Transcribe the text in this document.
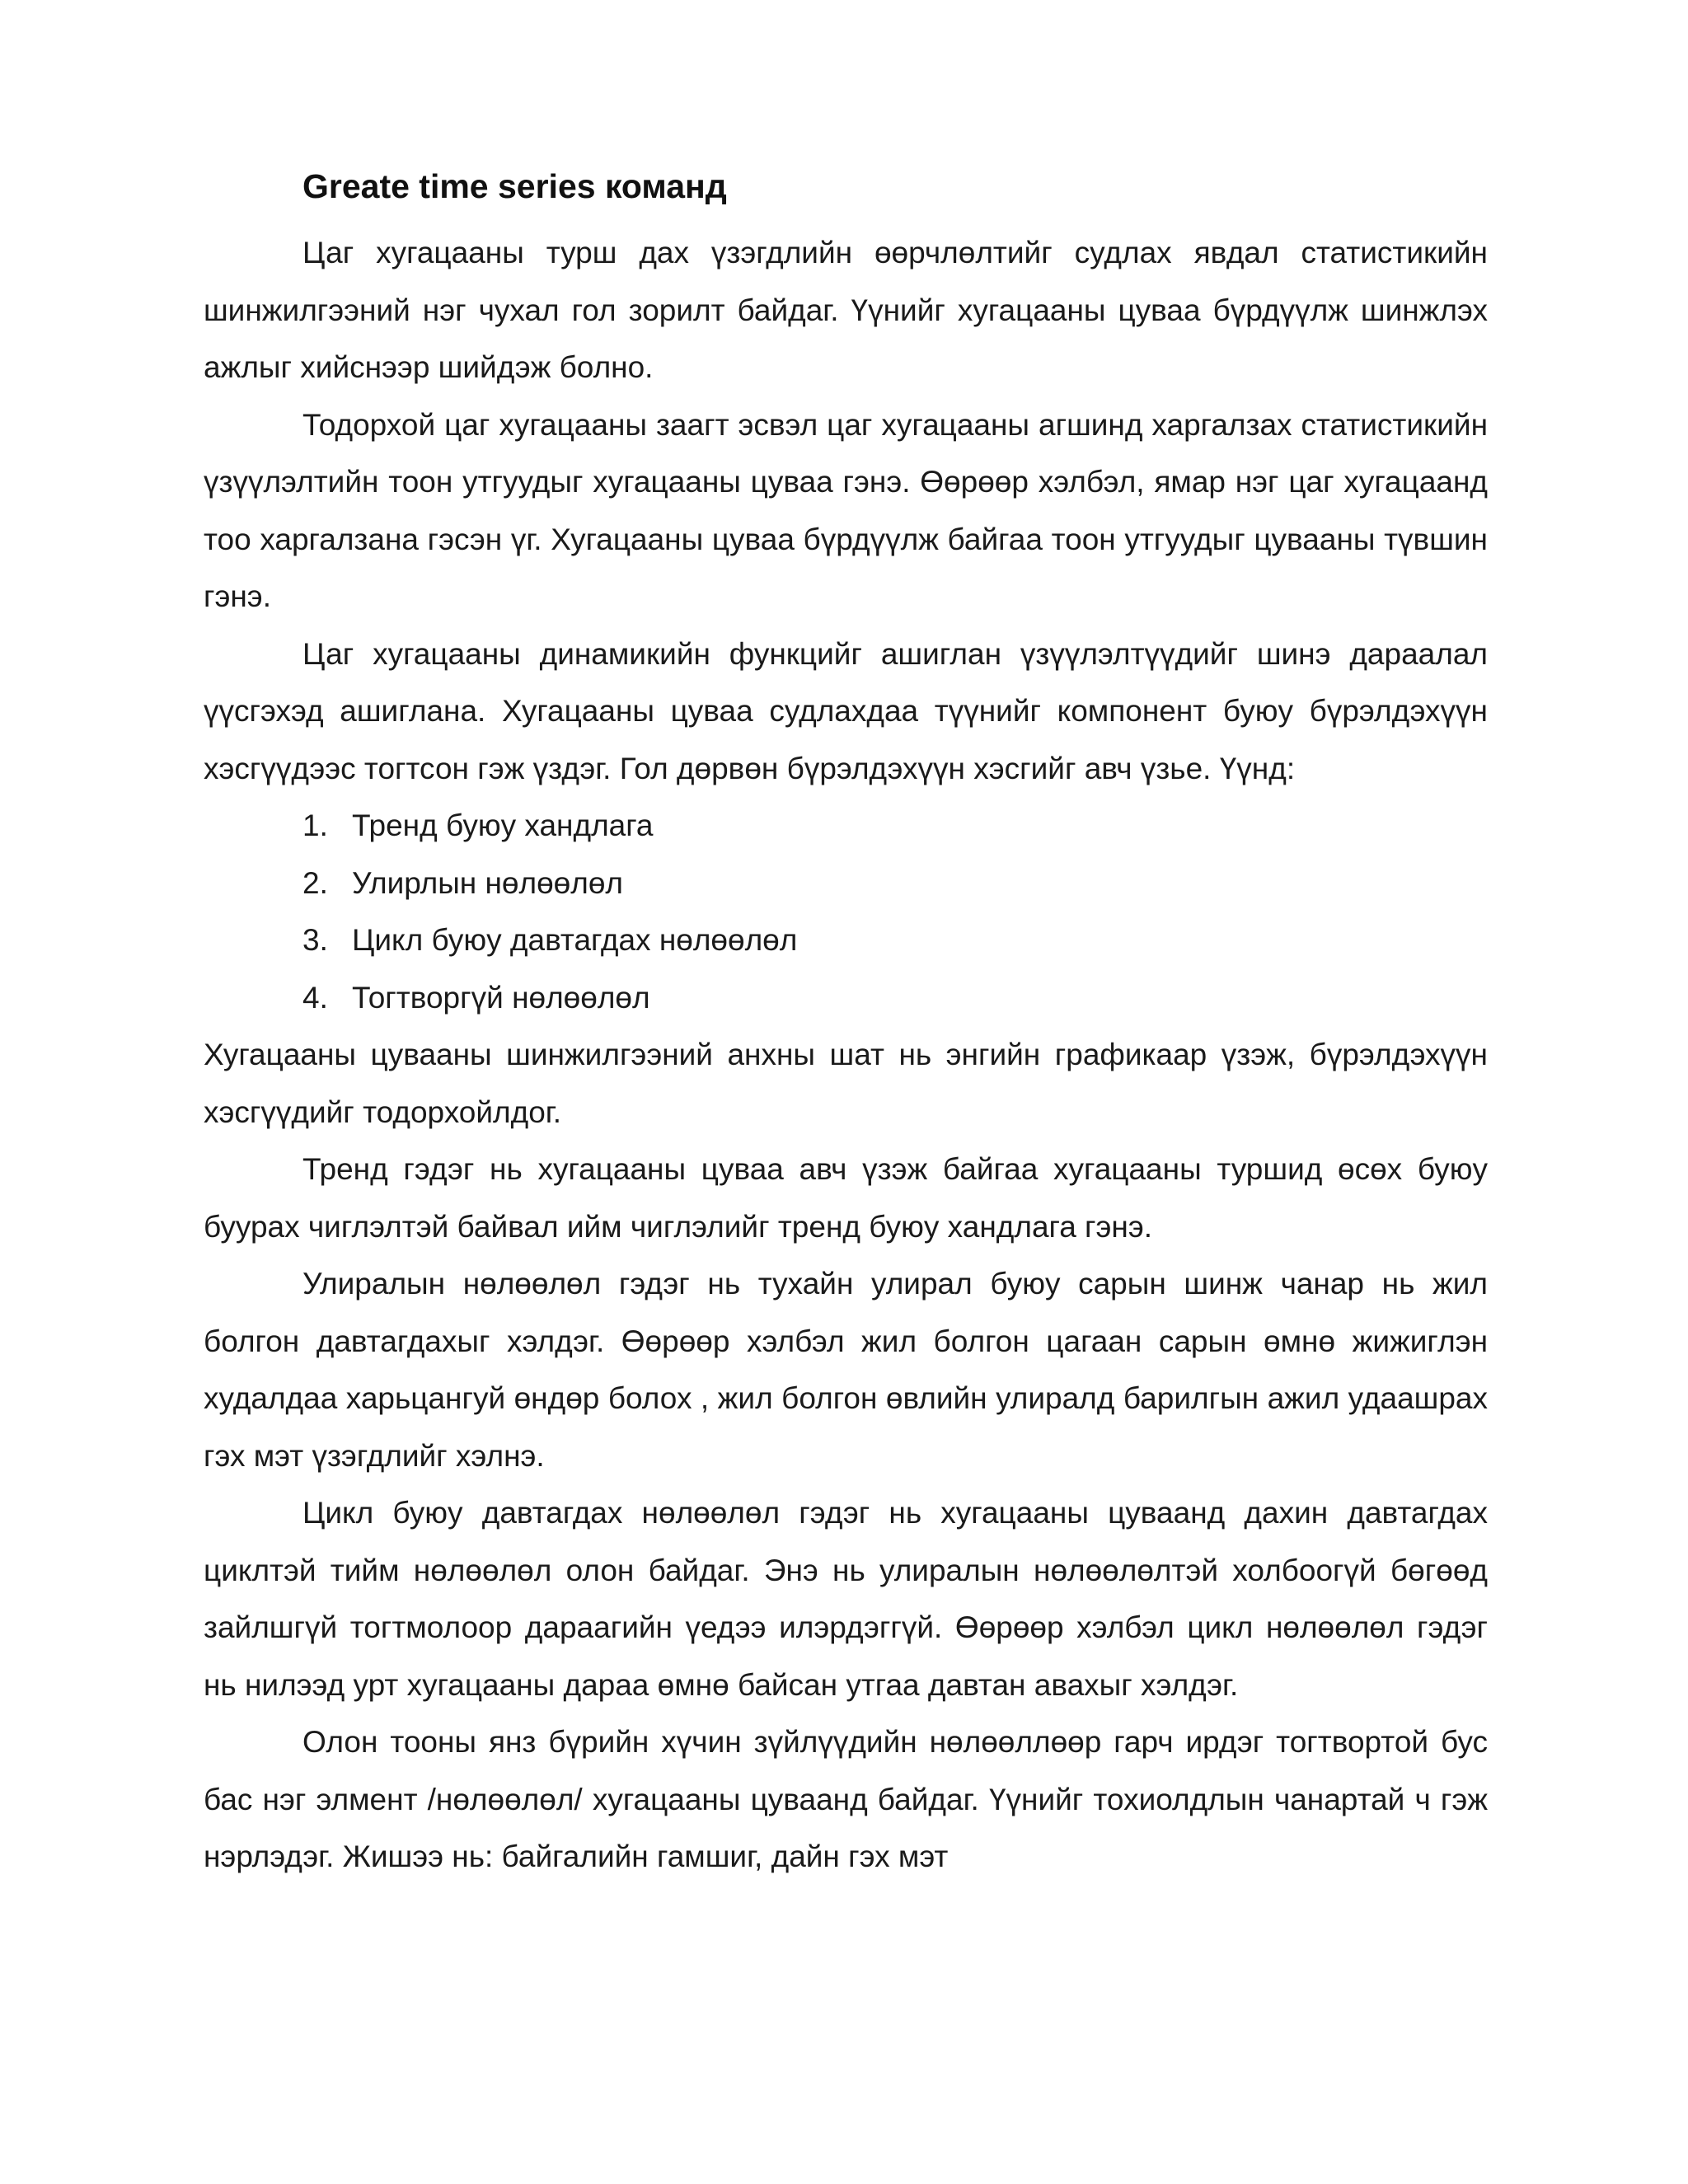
Greate time series команд

Цаг хугацааны турш дах үзэгдлийн өөрчлөлтийг судлах явдал статистикийн шинжилгээний нэг чухал гол зорилт байдаг. Үүнийг хугацааны цуваа бүрдүүлж шинжлэх ажлыг хийснээр шийдэж болно.

Тодорхой цаг хугацааны заагт эсвэл цаг хугацааны агшинд харгалзах статистикийн үзүүлэлтийн тоон утгуудыг хугацааны цуваа гэнэ. Өөрөөр хэлбэл, ямар нэг цаг хугацаанд тоо харгалзана гэсэн үг. Хугацааны цуваа бүрдүүлж байгаа тоон утгуудыг цувааны түвшин гэнэ.

Цаг хугацааны динамикийн функцийг ашиглан үзүүлэлтүүдийг шинэ дараалал үүсгэхэд ашиглана. Хугацааны цуваа судлахдаа түүнийг компонент буюу бүрэлдэхүүн хэсгүүдээс тогтсон гэж үздэг. Гол дөрвөн бүрэлдэхүүн хэсгийг авч үзье. Үүнд:

1. Тренд буюу хандлага
2. Улирлын нөлөөлөл
3. Цикл буюу давтагдах нөлөөлөл
4. Тогтворгүй нөлөөлөл

Хугацааны цувааны шинжилгээний анхны шат нь энгийн графикаар үзэж, бүрэлдэхүүн хэсгүүдийг тодорхойлдог.

Тренд гэдэг нь хугацааны цуваа авч үзэж байгаа хугацааны туршид өсөх буюу буурах чиглэлтэй байвал ийм чиглэлийг тренд буюу хандлага гэнэ.

Улиралын нөлөөлөл гэдэг нь тухайн улирал буюу сарын шинж чанар нь жил болгон давтагдахыг хэлдэг. Өөрөөр хэлбэл жил болгон цагаан сарын өмнө жижиглэн худалдаа харьцангуй өндөр болох , жил болгон өвлийн улиралд барилгын ажил удаашрах гэх мэт үзэгдлийг хэлнэ.

Цикл буюу давтагдах нөлөөлөл гэдэг нь хугацааны цуваанд дахин давтагдах циклтэй тийм нөлөөлөл олон байдаг. Энэ нь улиралын нөлөөлөлтэй холбоогүй бөгөөд зайлшгүй тогтмолоор дараагийн үедээ илэрдэггүй. Өөрөөр хэлбэл цикл нөлөөлөл гэдэг нь нилээд урт хугацааны дараа өмнө байсан утгаа давтан авахыг хэлдэг.

Олон тооны янз бүрийн хүчин зүйлүүдийн нөлөөллөөр гарч ирдэг тогтвортой бус бас нэг элмент /нөлөөлөл/ хугацааны цуваанд байдаг. Үүнийг тохиолдлын чанартай ч гэж нэрлэдэг. Жишээ нь: байгалийн гамшиг, дайн гэх мэт
